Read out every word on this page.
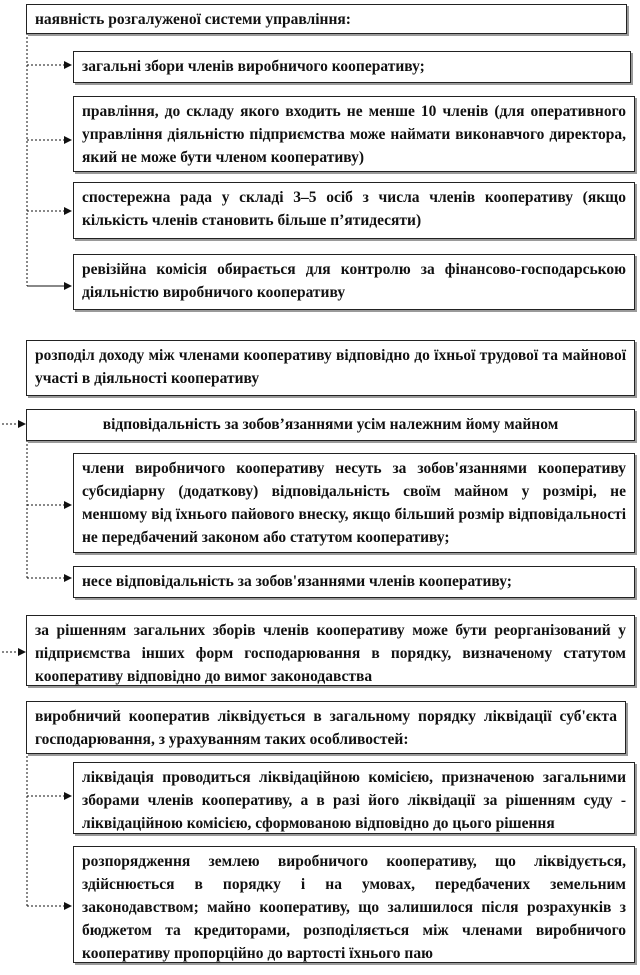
наявність розгалуженої системи управління:
загальні збори членів виробничого кооперативу;
правління, до складу якого входить не менше 10 членів (для оперативного управління діяльністю підприємства може наймати виконавчого директора, який не може бути членом кооперативу)
спостережна рада у складі 3–5 осіб з числа членів кооперативу (якщо кількість членів становить більше п’ятидесяти)
ревізійна комісія обирається для контролю за фінансово-господарською діяльністю виробничого кооперативу
розподіл доходу між членами кооперативу відповідно до їхньої трудової та майнової участі в діяльності кооперативу
відповідальність за зобов’язаннями усім належним йому майном
члени виробничого кооперативу несуть за зобов'язаннями кооперативу субсидіарну (додаткову) відповідальність своїм майном у розмірі, не меншому від їхнього пайового внеску, якщо більший розмір відповідальності не передбачений законом або статутом кооперативу;
несе відповідальність за зобов'язаннями членів кооперативу;
за рішенням загальних зборів членів кооперативу може бути реорганізований у підприємства інших форм господарювання в порядку, визначеному статутом кооперативу відповідно до вимог законодавства
виробничий кооператив ліквідується в загальному порядку ліквідації суб'єкта господарювання, з урахуванням таких особливостей:
ліквідація проводиться ліквідаційною комісією, призначеною загальними зборами членів кооперативу, а в разі його ліквідації за рішенням суду - ліквідаційною комісією, сформованою відповідно до цього рішення
розпорядження землею виробничого кооперативу, що ліквідується, здійснюється в порядку і на умовах, передбачених земельним законодавством; майно кооперативу, що залишилося після розрахунків з бюджетом та кредиторами, розподіляється між членами виробничого кооперативу пропорційно до вартості їхнього паю
